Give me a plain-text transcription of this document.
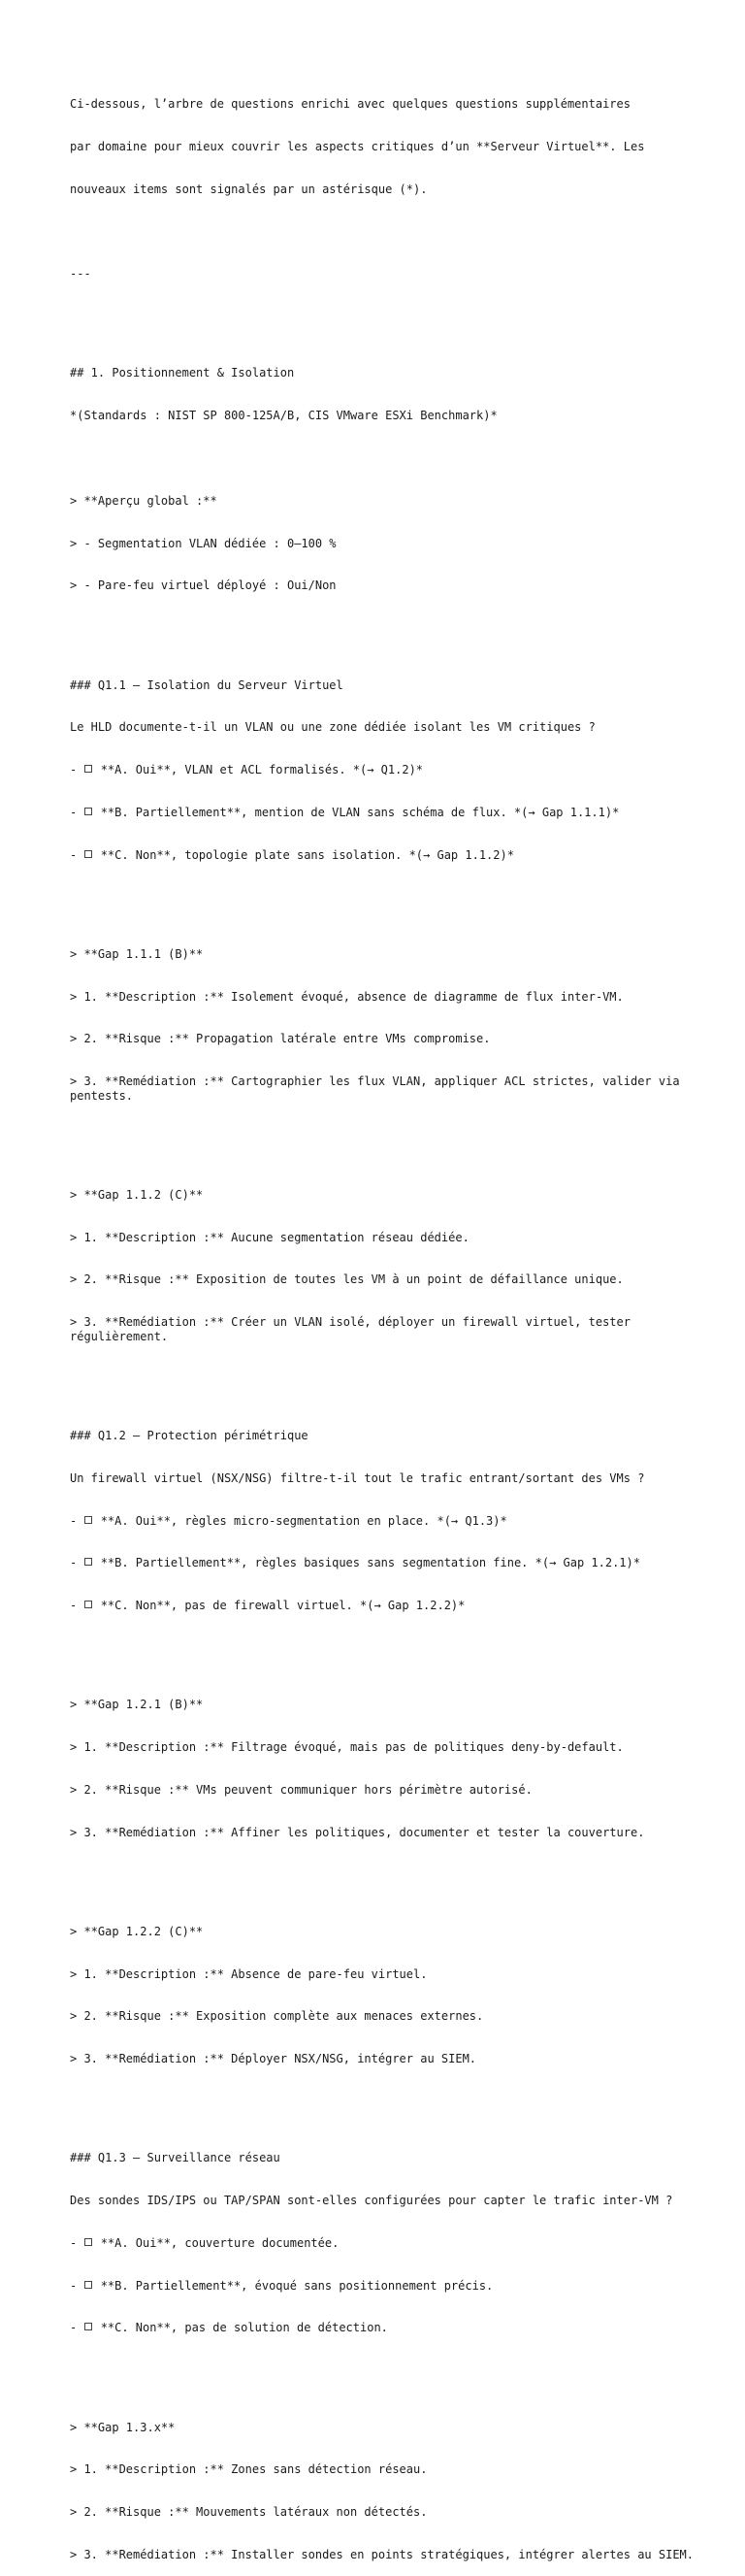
Ci-dessous, l’arbre de questions enrichi avec quelques questions supplémentaires

par domaine pour mieux couvrir les aspects critiques d’un **Serveur Virtuel**. Les

nouveaux items sont signalés par un astérisque (*).

---

## 1. Positionnement & Isolation

*(Standards : NIST SP 800-125A/B, CIS VMware ESXi Benchmark)*

> **Aperçu global :**

> - Segmentation VLAN dédiée : 0–100 %

> - Pare-feu virtuel déployé : Oui/Non

### Q1.1 – Isolation du Serveur Virtuel

Le HLD documente-t-il un VLAN ou une zone dédiée isolant les VM critiques ?

-  **A. Oui**, VLAN et ACL formalisés. *(→ Q1.2)*

-  **B. Partiellement**, mention de VLAN sans schéma de flux. *(→ Gap 1.1.1)*

-  **C. Non**, topologie plate sans isolation. *(→ Gap 1.1.2)*

> **Gap 1.1.1 (B)**

> 1. **Description :** Isolement évoqué, absence de diagramme de flux inter-VM.

> 2. **Risque :** Propagation latérale entre VMs compromise.

> 3. **Remédiation :** Cartographier les flux VLAN, appliquer ACL strictes, valider via pentests.

> **Gap 1.1.2 (C)**

> 1. **Description :** Aucune segmentation réseau dédiée.

> 2. **Risque :** Exposition de toutes les VM à un point de défaillance unique.

> 3. **Remédiation :** Créer un VLAN isolé, déployer un firewall virtuel, tester régulièrement.

### Q1.2 – Protection périmétrique

Un firewall virtuel (NSX/NSG) filtre-t-il tout le trafic entrant/sortant des VMs ?

-  **A. Oui**, règles micro-segmentation en place. *(→ Q1.3)*

-  **B. Partiellement**, règles basiques sans segmentation fine. *(→ Gap 1.2.1)*

-  **C. Non**, pas de firewall virtuel. *(→ Gap 1.2.2)*

> **Gap 1.2.1 (B)**

> 1. **Description :** Filtrage évoqué, mais pas de politiques deny-by-default.

> 2. **Risque :** VMs peuvent communiquer hors périmètre autorisé.

> 3. **Remédiation :** Affiner les politiques, documenter et tester la couverture.

> **Gap 1.2.2 (C)**

> 1. **Description :** Absence de pare-feu virtuel.

> 2. **Risque :** Exposition complète aux menaces externes.

> 3. **Remédiation :** Déployer NSX/NSG, intégrer au SIEM.

### Q1.3 – Surveillance réseau

Des sondes IDS/IPS ou TAP/SPAN sont-elles configurées pour capter le trafic inter-VM ?

-  **A. Oui**, couverture documentée.

-  **B. Partiellement**, évoqué sans positionnement précis.

-  **C. Non**, pas de solution de détection.

> **Gap 1.3.x**

> 1. **Description :** Zones sans détection réseau.

> 2. **Risque :** Mouvements latéraux non détectés.

> 3. **Remédiation :** Installer sondes en points stratégiques, intégrer alertes au SIEM.
